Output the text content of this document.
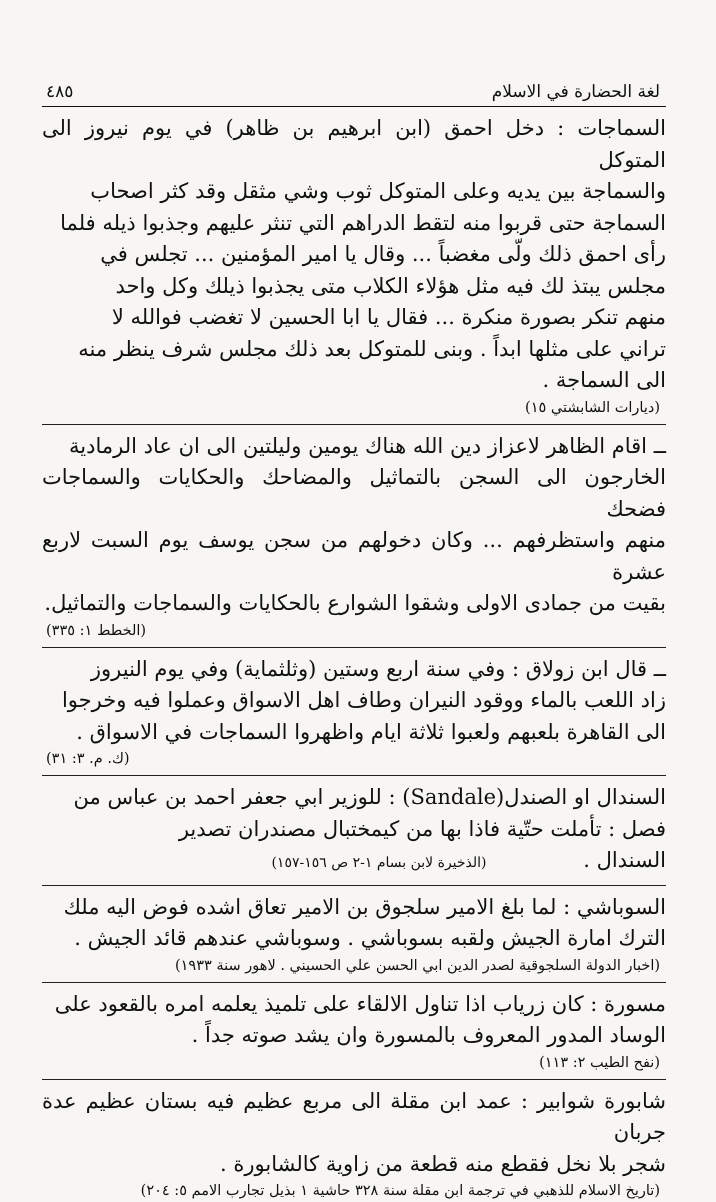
لغة الحضارة في الاسلام
٤٨٥

السماجات : دخل احمق (ابن ابرهيم بن ظاهر) في يوم نيروز الى المتوكل

والسماجة بين يديه وعلى المتوكل ثوب وشي مثقل وقد كثر اصحاب

السماجة حتى قربوا منه لتقط الدراهم التي تنثر عليهم وجذبوا ذيله فلما

رأى احمق ذلك ولّى مغضباً ... وقال يا امير المؤمنين ... تجلس في

مجلس يبتذ لك فيه مثل هؤلاء الكلاب متى يجذبوا ذيلك وكل واحد

منهم تنكر بصورة منكرة ... فقال يا ابا الحسين لا تغضب فوالله لا

تراني على مثلها ابداً . وبنى للمتوكل بعد ذلك مجلس شرف ينظر منه

الى السماجة .

(ديارات الشابشتي ١٥)

ــ اقام الظاهر لاعزاز دين الله هناك يومين وليلتين الى ان عاد الرمادية

الخارجون الى السجن بالتماثيل والمضاحك والحكايات والسماجات فضحك

منهم واستظرفهم ... وكان دخولهم من سجن يوسف يوم السبت لاربع عشرة

بقيت من جمادى الاولى وشقوا الشوارع بالحكايات والسماجات والتماثيل.

(الخطط ١: ٣٣٥)

ــ قال ابن زولاق : وفي سنة اربع وستين (وثلثماية) وفي يوم النيروز

زاد اللعب بالماء ووقود النيران وطاف اهل الاسواق وعملوا فيه وخرجوا

الى القاهرة بلعبهم ولعبوا ثلاثة ايام واظهروا السماجات في الاسواق .

(ك. م. ٣: ٣١)

السندال او الصندل(Sandale) : للوزير ابي جعفر احمد بن عباس من

فصل : تأملت حتّية فاذا بها من كيمختبال مصندران تصدير

السندال . (الذخيرة لابن بسام ١-٢ ص ١٥٦-١٥٧)

السوباشي : لما بلغ الامير سلجوق بن الامير تعاق اشده فوض اليه ملك

الترك امارة الجيش ولقبه بسوباشي . وسوباشي عندهم قائد الجيش .

(اخبار الدولة السلجوقية لصدر الدين ابي الحسن علي الحسيني . لاهور سنة ١٩٣٣)

مسورة : كان زرياب اذا تناول الالقاء على تلميذ يعلمه امره بالقعود على

الوساد المدور المعروف بالمسورة وان يشد صوته جداً .

(نفح الطيب ٢: ١١٣)

شابورة شوابير : عمد ابن مقلة الى مربع عظيم فيه بستان عظيم عدة جربان

شجر بلا نخل فقطع منه قطعة من زاوية كالشابورة .

(تاريخ الاسلام للذهبي في ترجمة ابن مقلة سنة ٣٢٨ حاشية ١ بذيل تجارب الامم ٥: ٢٠٤)
